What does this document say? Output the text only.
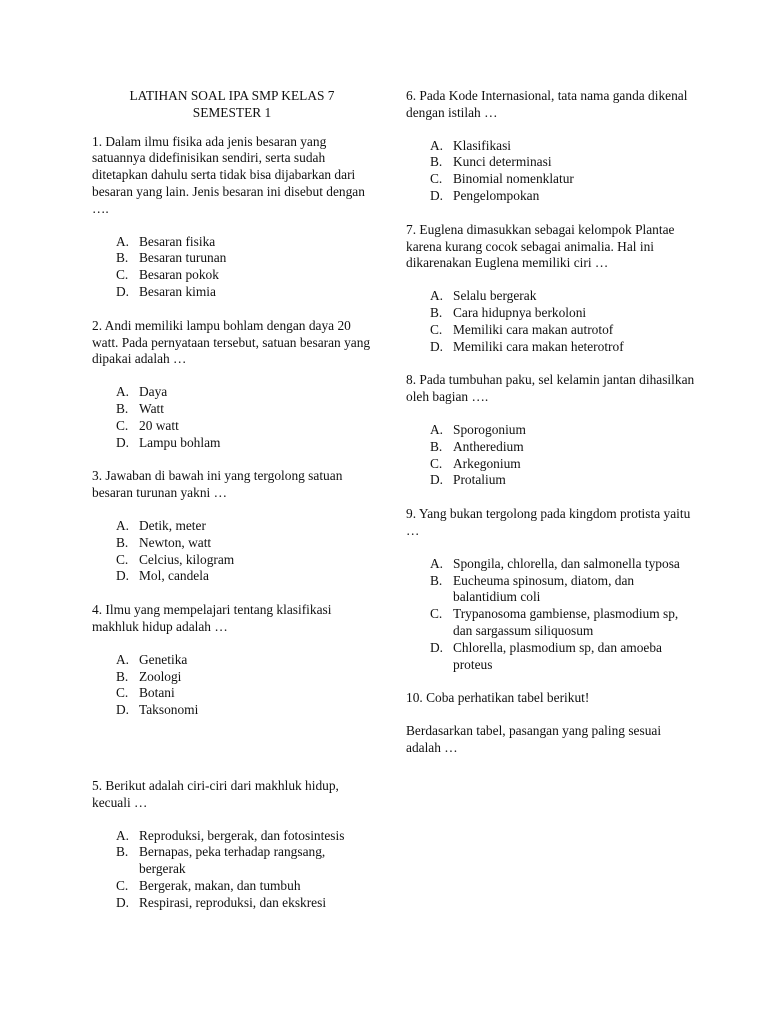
LATIHAN SOAL IPA SMP KELAS 7
SEMESTER 1

1. Dalam ilmu fisika ada jenis besaran yang satuannya didefinisikan sendiri, serta sudah ditetapkan dahulu serta tidak bisa dijabarkan dari besaran yang lain. Jenis besaran ini disebut dengan ….

A. Besaran fisika
B. Besaran turunan
C. Besaran pokok
D. Besaran kimia

2. Andi memiliki lampu bohlam dengan daya 20 watt. Pada pernyataan tersebut, satuan besaran yang dipakai adalah …

A. Daya
B. Watt
C. 20 watt
D. Lampu bohlam

3. Jawaban di bawah ini yang tergolong satuan besaran turunan yakni …

A. Detik, meter
B. Newton, watt
C. Celcius, kilogram
D. Mol, candela

4. Ilmu yang mempelajari tentang klasifikasi makhluk hidup adalah …

A. Genetika
B. Zoologi
C. Botani
D. Taksonomi

5. Berikut adalah ciri-ciri dari makhluk hidup, kecuali …

A. Reproduksi, bergerak, dan fotosintesis
B. Bernapas, peka terhadap rangsang, bergerak
C. Bergerak, makan, dan tumbuh
D. Respirasi, reproduksi, dan ekskresi

6. Pada Kode Internasional, tata nama ganda dikenal dengan istilah …

A. Klasifikasi
B. Kunci determinasi
C. Binomial nomenklatur
D. Pengelompokan

7. Euglena dimasukkan sebagai kelompok Plantae karena kurang cocok sebagai animalia. Hal ini dikarenakan Euglena memiliki ciri …

A. Selalu bergerak
B. Cara hidupnya berkoloni
C. Memiliki cara makan autrotof
D. Memiliki cara makan heterotrof

8. Pada tumbuhan paku, sel kelamin jantan dihasilkan oleh bagian ….

A. Sporogonium
B. Antheredium
C. Arkegonium
D. Protalium

9. Yang bukan tergolong pada kingdom protista yaitu …

A. Spongila, chlorella, dan salmonella typosa
B. Eucheuma spinosum, diatom, dan balantidium coli
C. Trypanosoma gambiense, plasmodium sp, dan sargassum siliquosum
D. Chlorella, plasmodium sp, dan amoeba proteus

10. Coba perhatikan tabel berikut!

Berdasarkan tabel, pasangan yang paling sesuai adalah …
